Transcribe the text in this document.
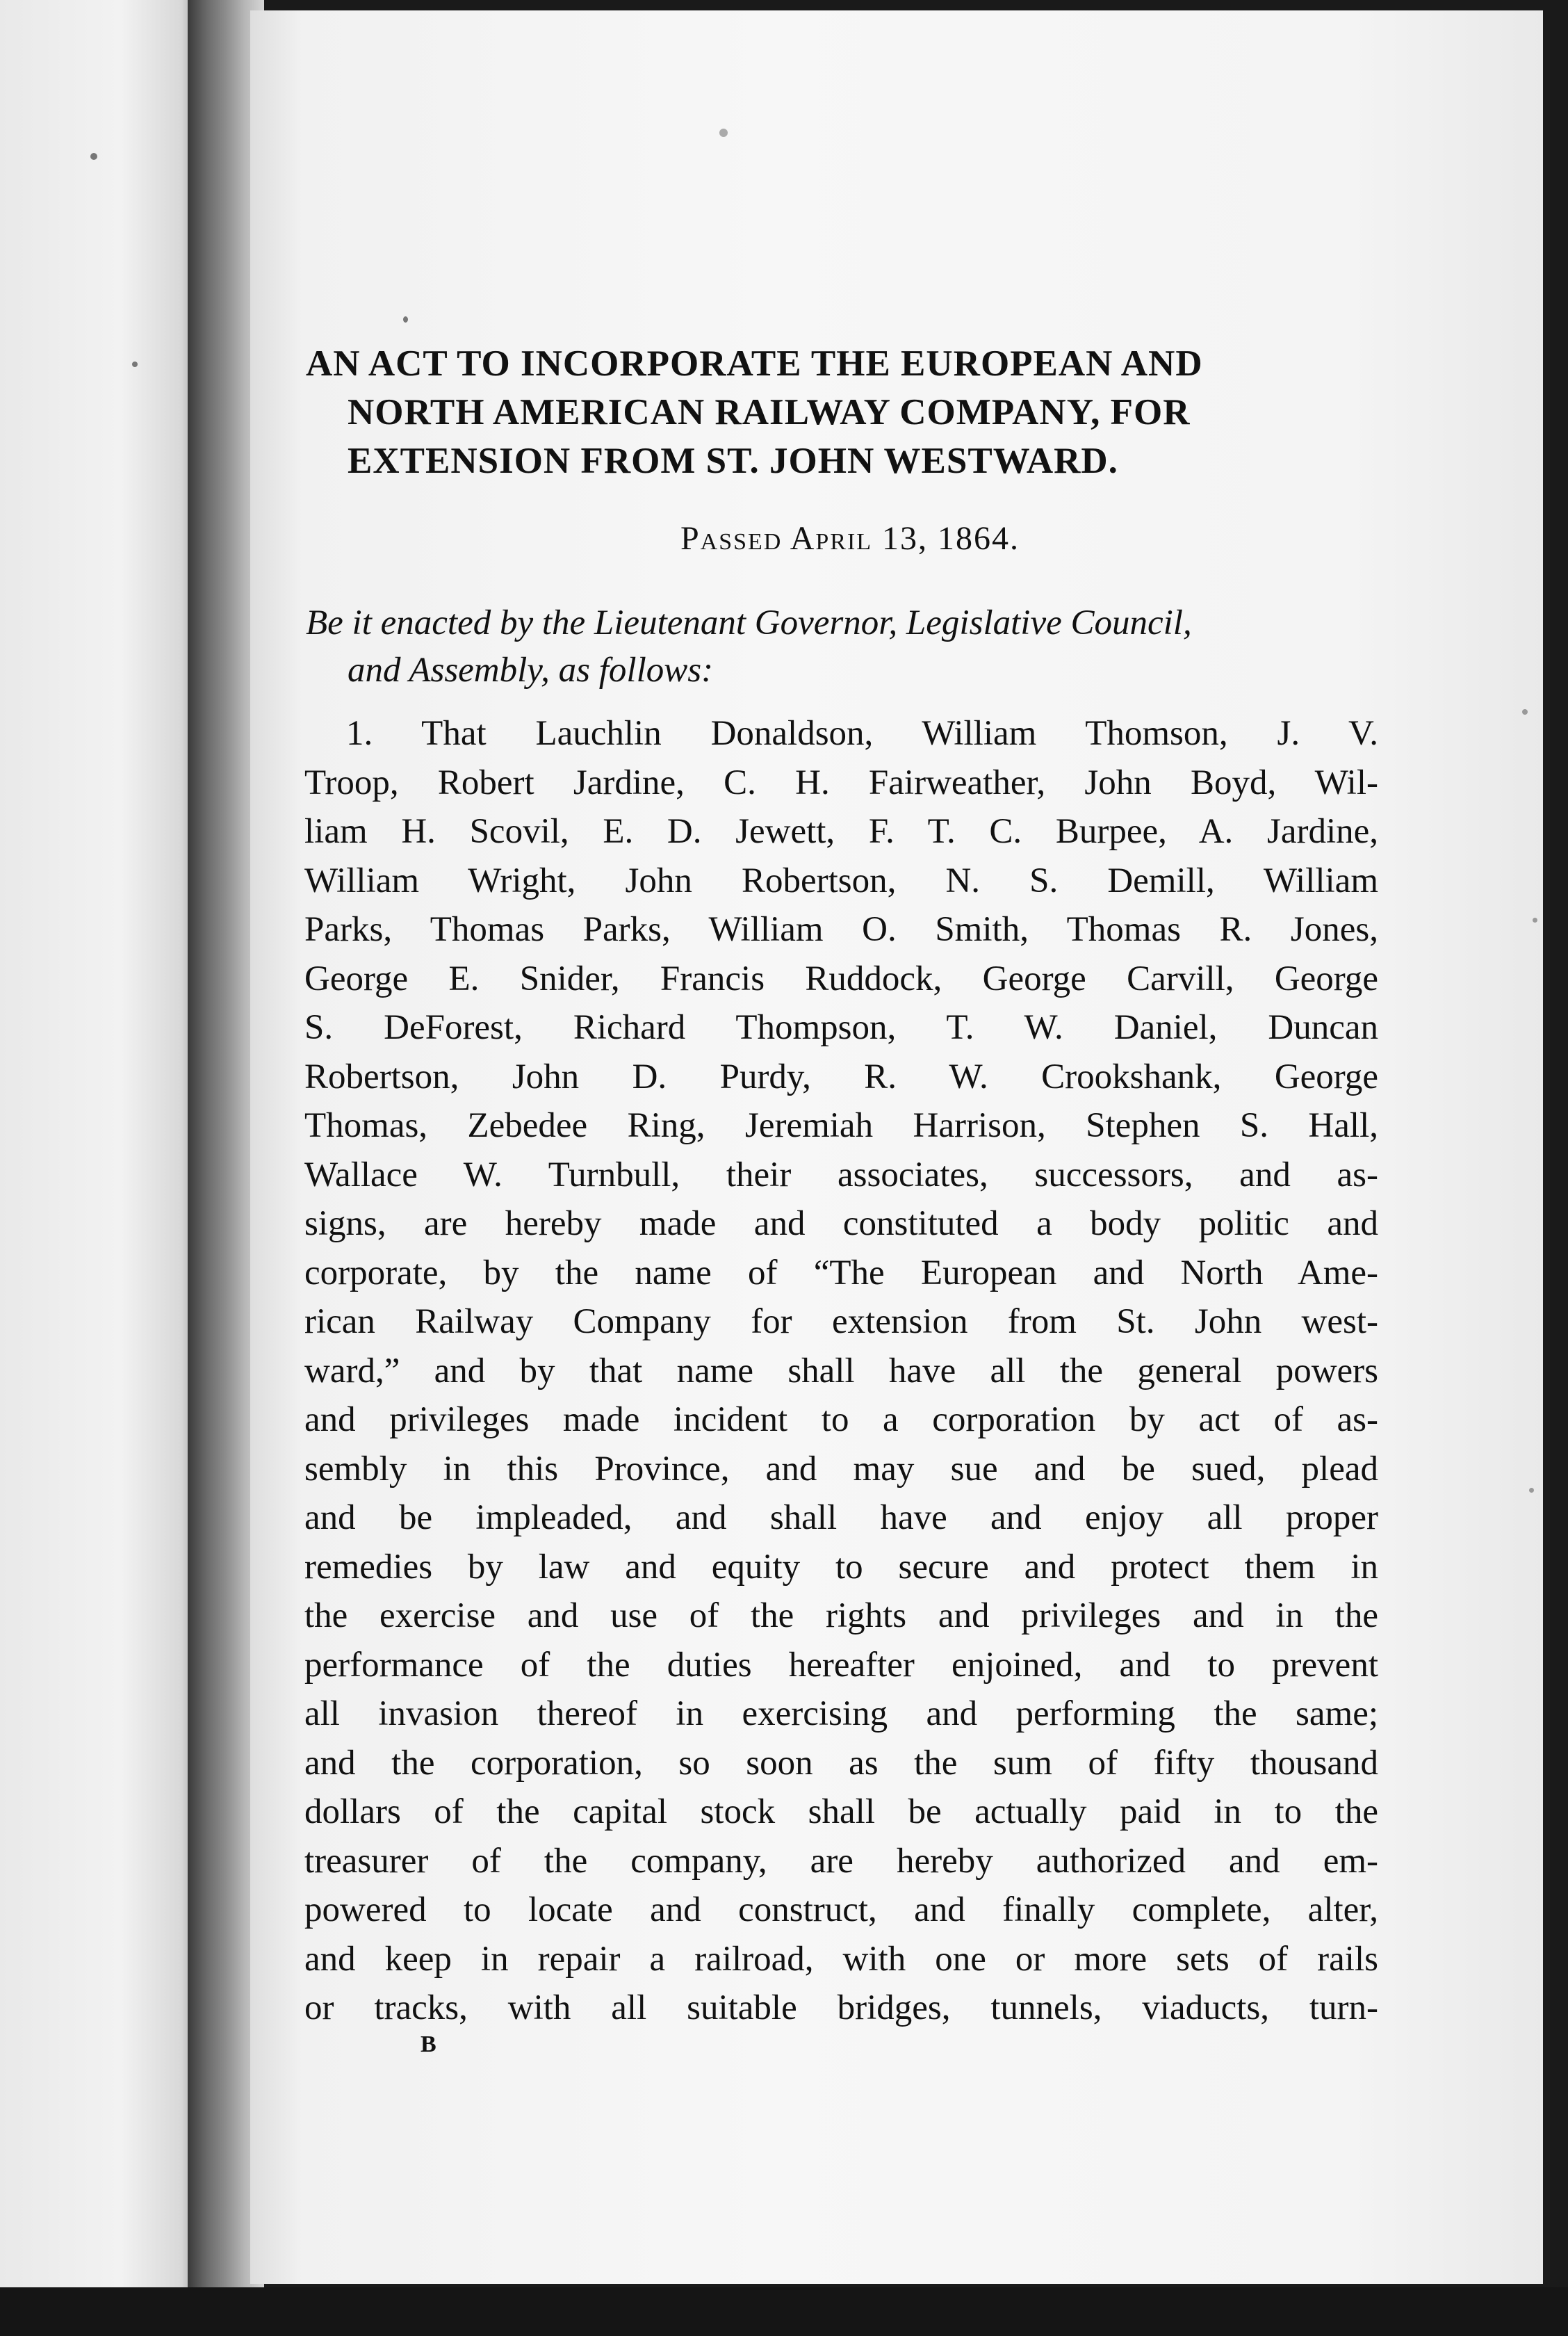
AN ACT TO INCORPORATE THE EUROPEAN AND
NORTH AMERICAN RAILWAY COMPANY, FOR
EXTENSION FROM ST. JOHN WESTWARD.
Passed April 13, 1864.

Be it enacted by the Lieutenant Governor, Legislative Council,
and Assembly, as follows:

1. That Lauchlin Donaldson, William Thomson, J. V.
Troop, Robert Jardine, C. H. Fairweather, John Boyd, Wil-
liam H. Scovil, E. D. Jewett, F. T. C. Burpee, A. Jardine,
William Wright, John Robertson, N. S. Demill, William
Parks, Thomas Parks, William O. Smith, Thomas R. Jones,
George E. Snider, Francis Ruddock, George Carvill, George
S. DeForest, Richard Thompson, T. W. Daniel, Duncan
Robertson, John D. Purdy, R. W. Crookshank, George
Thomas, Zebedee Ring, Jeremiah Harrison, Stephen S. Hall,
Wallace W. Turnbull, their associates, successors, and as-
signs, are hereby made and constituted a body politic and
corporate, by the name of “The European and North Ame-
rican Railway Company for extension from St. John west-
ward,” and by that name shall have all the general powers
and privileges made incident to a corporation by act of as-
sembly in this Province, and may sue and be sued, plead
and be impleaded, and shall have and enjoy all proper
remedies by law and equity to secure and protect them in
the exercise and use of the rights and privileges and in the
performance of the duties hereafter enjoined, and to prevent
all invasion thereof in exercising and performing the same;
and the corporation, so soon as the sum of fifty thousand
dollars of the capital stock shall be actually paid in to the
treasurer of the company, are hereby authorized and em-
powered to locate and construct, and finally complete, alter,
and keep in repair a railroad, with one or more sets of rails
or tracks, with all suitable bridges, tunnels, viaducts, turn-

B
